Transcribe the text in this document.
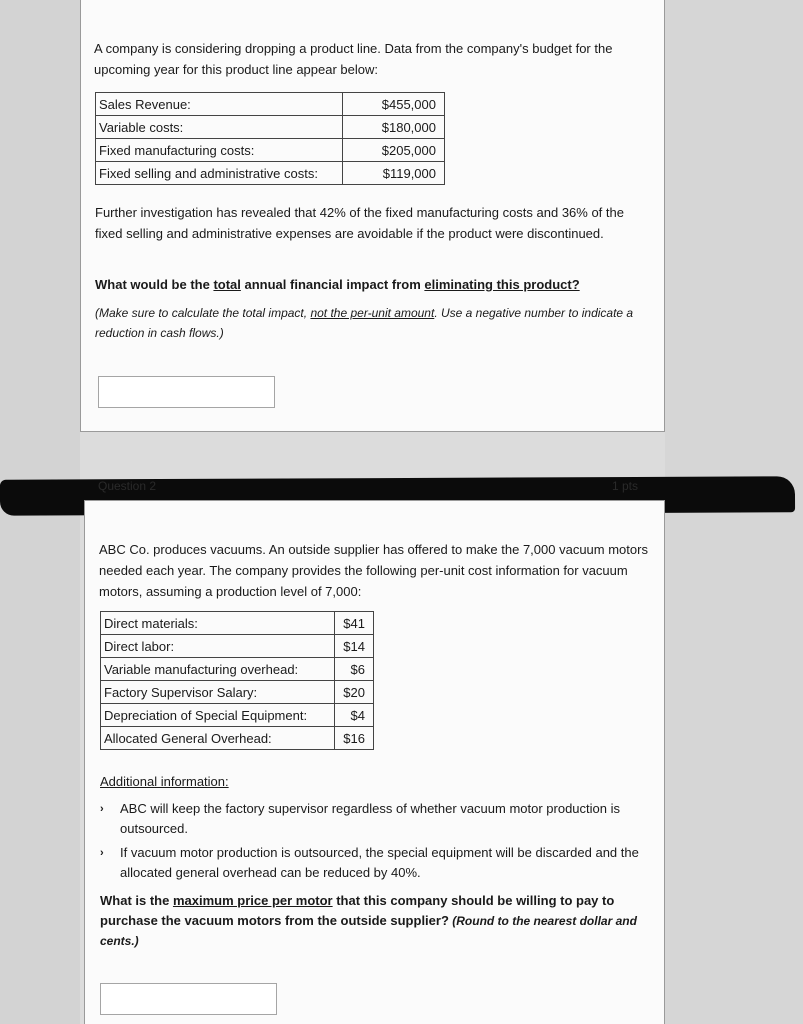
A company is considering dropping a product line. Data from the company's budget for the upcoming year for this product line appear below:

Sales Revenue:	$455,000
Variable costs:	$180,000
Fixed manufacturing costs:	$205,000
Fixed selling and administrative costs:	$119,000

Further investigation has revealed that 42% of the fixed manufacturing costs and 36% of the fixed selling and administrative expenses are avoidable if the product were discontinued.

What would be the total annual financial impact from eliminating this product?

(Make sure to calculate the total impact, not the per-unit amount. Use a negative number to indicate a reduction in cash flows.)

Question 2	1 pts

ABC Co. produces vacuums. An outside supplier has offered to make the 7,000 vacuum motors needed each year. The company provides the following per-unit cost information for vacuum motors, assuming a production level of 7,000:

Direct materials:	$41
Direct labor:	$14
Variable manufacturing overhead:	$6
Factory Supervisor Salary:	$20
Depreciation of Special Equipment:	$4
Allocated General Overhead:	$16

Additional information:

What is the maximum price per motor that this company should be willing to pay to purchase the vacuum motors from the outside supplier? (Round to the nearest dollar and cents.)

› ABC will keep the factory supervisor regardless of whether vacuum motor production is outsourced.
› If vacuum motor production is outsourced, the special equipment will be discarded and the allocated general overhead can be reduced by 40%.
